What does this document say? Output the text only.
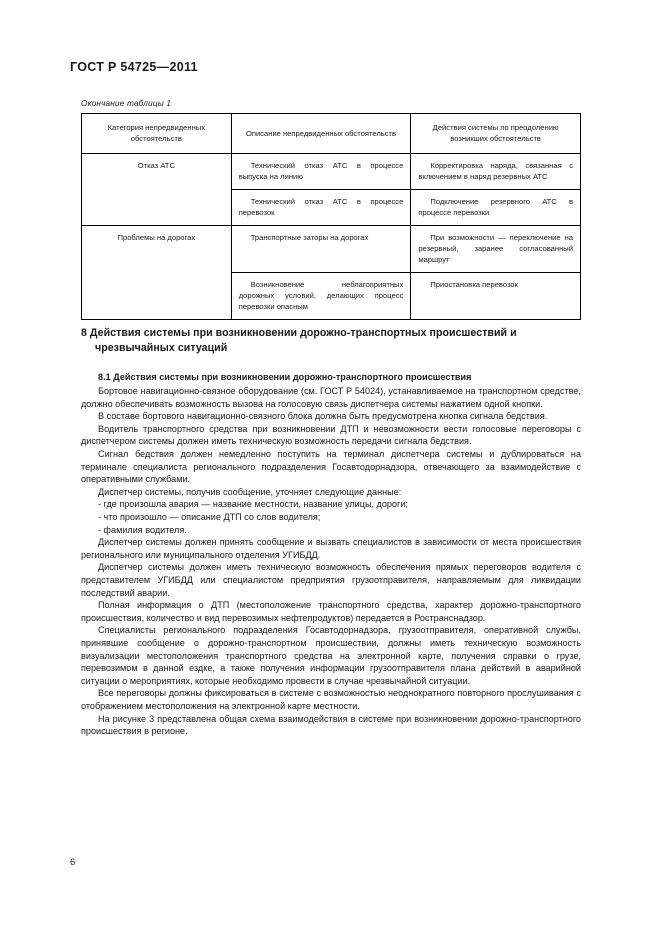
ГОСТ Р 54725—2011
Окончание таблицы 1
Категория непредвиденных обстоятельств	Описание непредвиденных обстоятельств	Действия системы по преодолению возникших обстоятельств
Отказ АТС	Технический отказ АТС в процессе выпуска на линию	Корректировка наряда, связанная с включением в наряд резервных АТС
	Технический отказ АТС в процессе перевозок	Подключение резервного АТС в процессе перевозки
Проблемы на дорогах	Транспортные заторы на дорогах	При возможности — переключение на резервный, заранее согласованный маршрут
	Возникновение неблагоприятных дорожных условий, делающих процесс перевозки опасным	Приостановка перевозок
8 Действия системы при возникновении дорожно-транспортных происшествий и чрезвычайных ситуаций
8.1 Действия системы при возникновении дорожно-транспортного происшествия

Бортовое навигационно-связное оборудование (см. ГОСТ Р 54024), устанавливаемое на транспортном средстве, должно обеспечивать возможность вызова на голосовую связь диспетчера системы нажатием одной кнопки.

В составе бортового навигационно-связного блока должна быть предусмотрена кнопка сигнала бедствия.

Водитель транспортного средства при возникновении ДТП и невозможности вести голосовые переговоры с диспетчером системы должен иметь техническую возможность передачи сигнала бедствия.

Сигнал бедствия должен немедленно поступить на терминал диспетчера системы и дублироваться на терминале специалиста регионального подразделения Госавтодорнадзора, отвечающего за взаимодействие с оперативными службами.

Диспетчер системы, получив сообщение, уточняет следующие данные:

- где произошла авария — название местности, название улицы, дороги;
- что произошло — описание ДТП со слов водителя;
- фамилия водителя.

Диспетчер системы должен принять сообщение и вызвать специалистов в зависимости от места происшествия регионального или муниципального отделения УГИБДД.

Диспетчер системы должен иметь техническую возможность обеспечения прямых переговоров водителя с представителем УГИБДД или специалистом предприятия грузоотправителя, направляемым для ликвидации последствий аварии.

Полная информация о ДТП (местоположение транспортного средства, характер дорожно-транспортного происшествия, количество и вид перевозимых нефтепродуктов) передается в Ространснадзор.

Специалисты регионального подразделения Госавтодорнадзора, грузоотправителя, оперативной службы, принявшие сообщение о дорожно-транспортном происшествии, должны иметь техническую возможность визуализации местоположения транспортного средства на электронной карте, получения справки о грузе, перевозимом в данной ездке, а также получения информации грузоотправителя плана действий в аварийной ситуации о мероприятиях, которые необходимо провести в случае чрезвычайной ситуации.

Все переговоры должны фиксироваться в системе с возможностью неоднократного повторного прослушивания с отображением местоположения на электронной карте местности.

На рисунке 3 представлена общая схема взаимодействия в системе при возникновении дорожно-транспортного происшествия в регионе.

6
